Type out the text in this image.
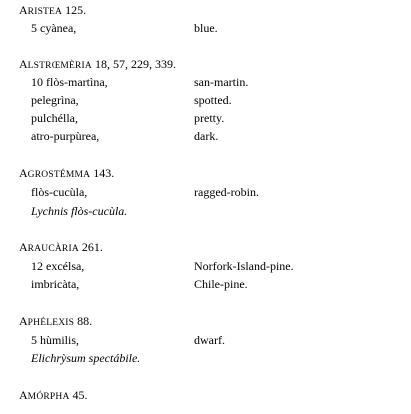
ARISTEA 125.
5 cyànea,	blue.
ALSTRŒMÈRIA 18, 57, 229, 339.
10 flòs-martìna,	san-martin.
pelegrìna,	spotted.
pulchélla,	pretty.
atro-purpùrea,	dark.
AGROSTÉMMA 143.
flòs-cucùla,	ragged-robin.
Lychnis flòs-cucùla.
ARAUCÀRIA 261.
12 excélsa,	Norfork-Island-pine.
imbricàta,	Chile-pine.
APHÉLEXIS 88.
5 hùmilis,	dwarf.
Elichrỳsum spectábile.
AMÓRPHA 45.
